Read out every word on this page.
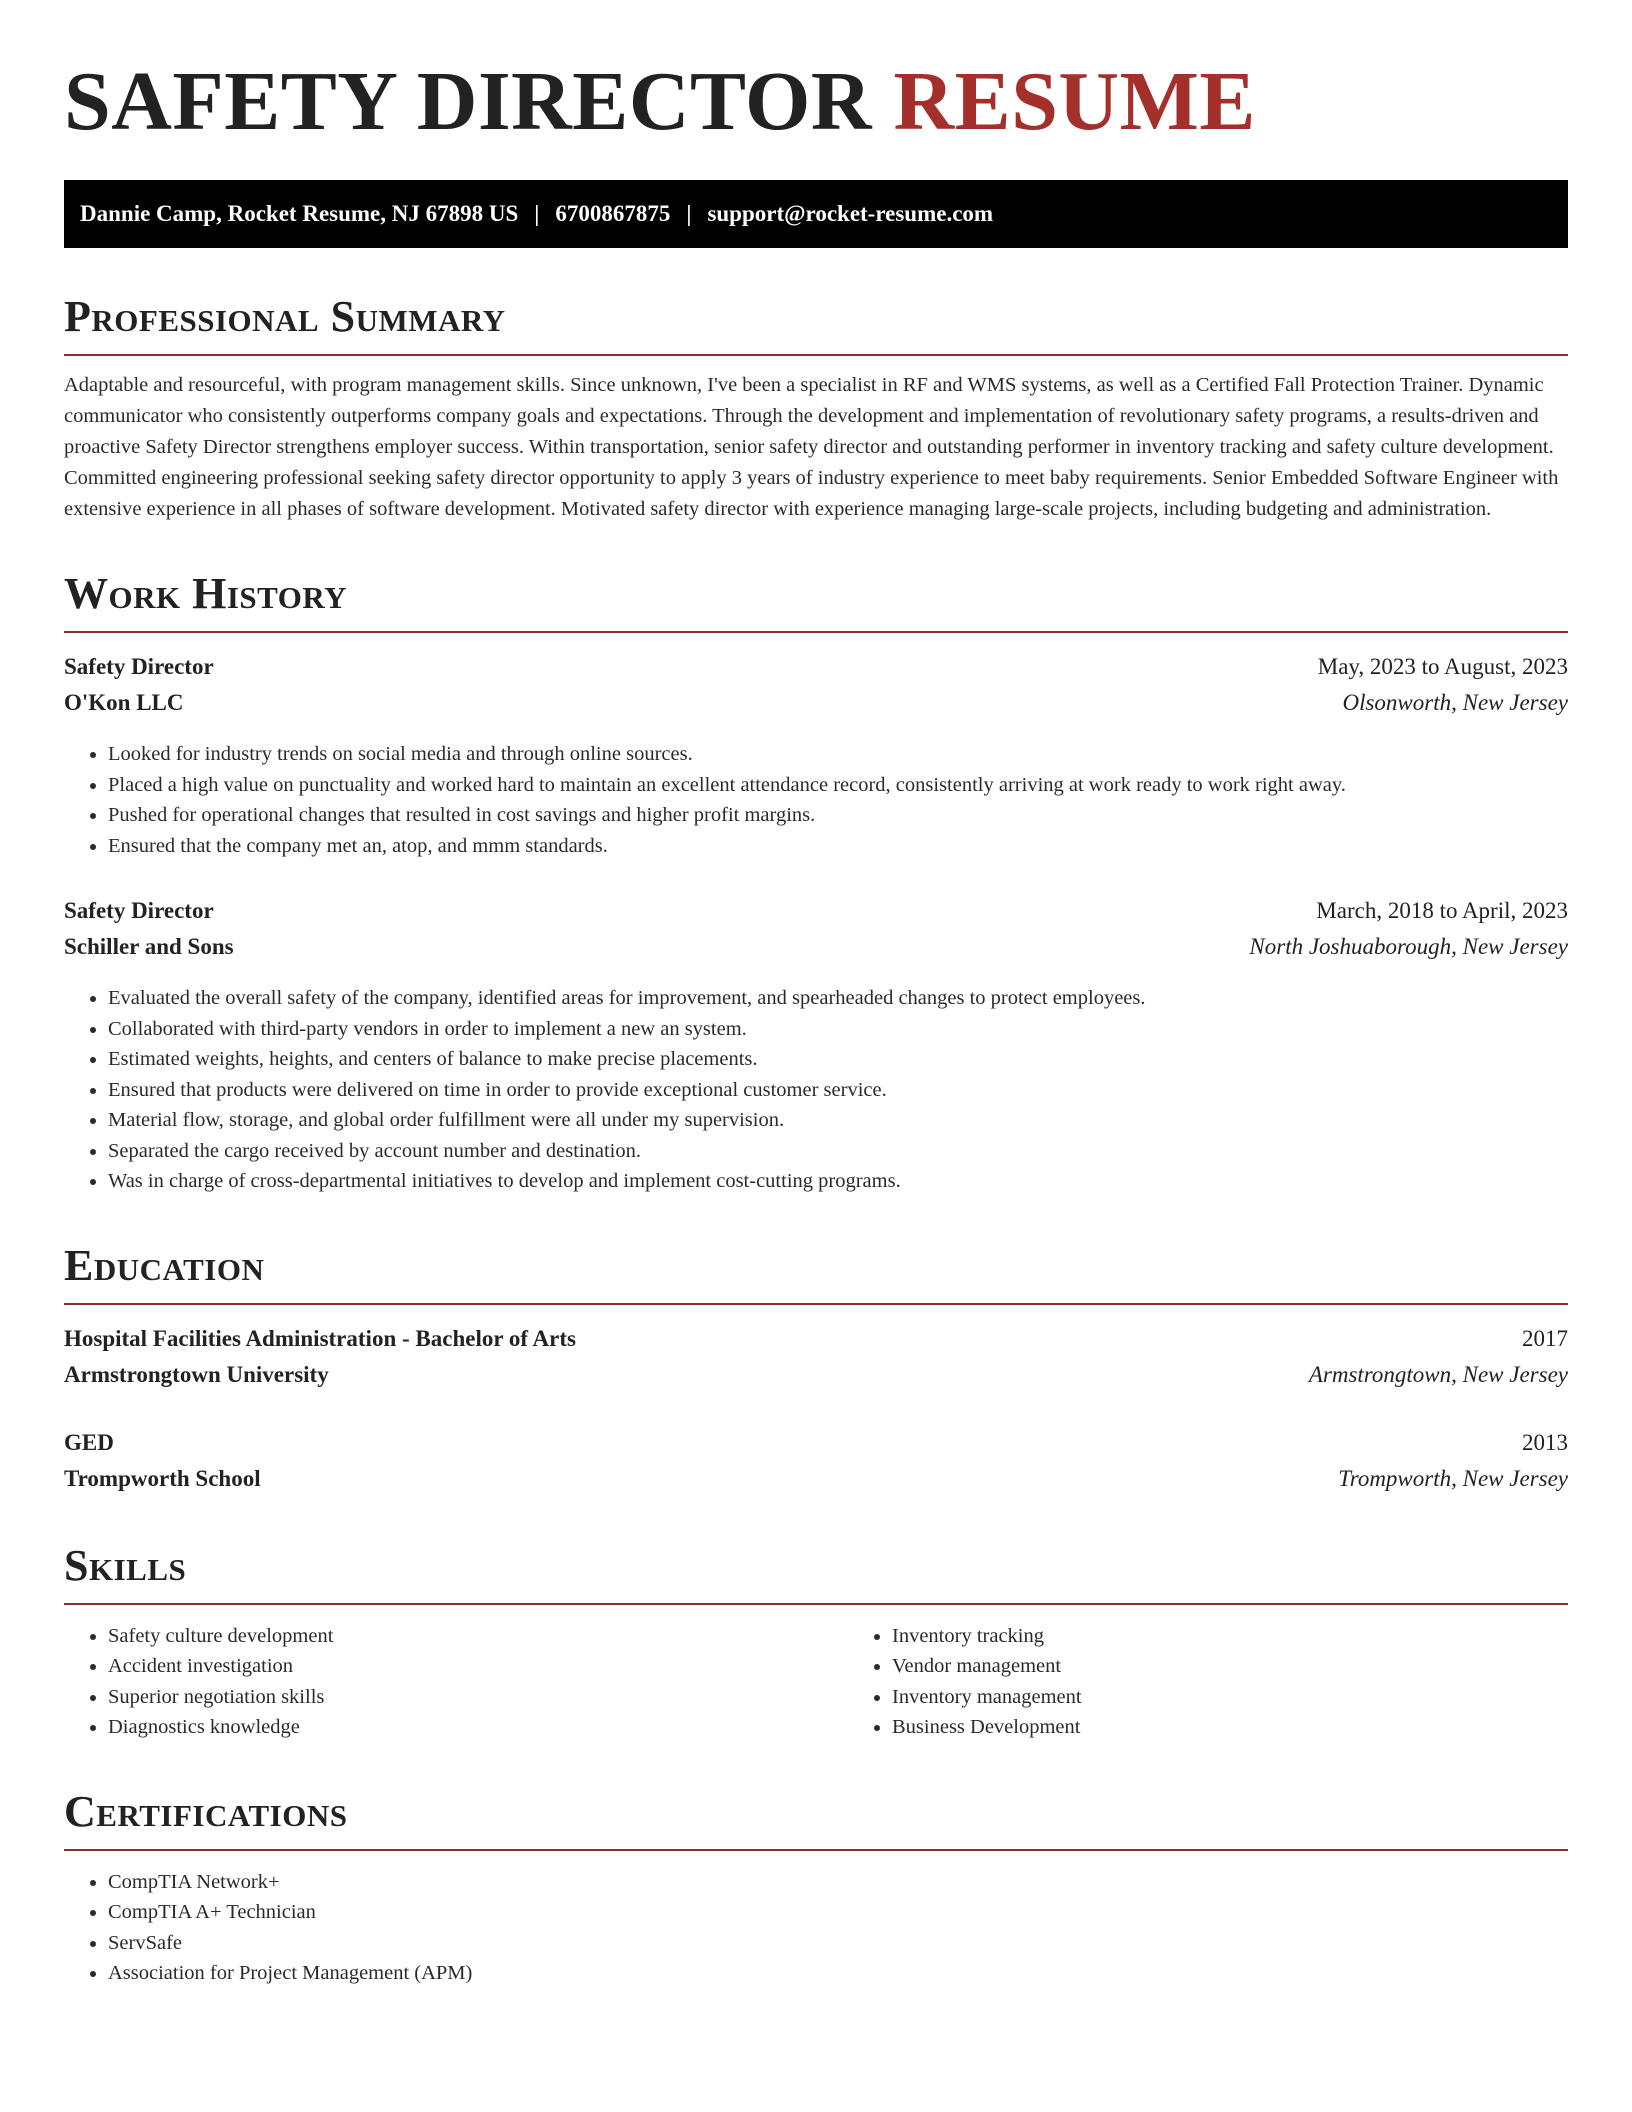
SAFETY DIRECTOR RESUME
Dannie Camp, Rocket Resume, NJ 67898 US | 6700867875 | support@rocket-resume.com
Professional Summary

Adaptable and resourceful, with program management skills. Since unknown, I've been a specialist in RF and WMS systems, as well as a Certified Fall Protection Trainer. Dynamic communicator who consistently outperforms company goals and expectations. Through the development and implementation of revolutionary safety programs, a results-driven and proactive Safety Director strengthens employer success. Within transportation, senior safety director and outstanding performer in inventory tracking and safety culture development. Committed engineering professional seeking safety director opportunity to apply 3 years of industry experience to meet baby requirements. Senior Embedded Software Engineer with extensive experience in all phases of software development. Motivated safety director with experience managing large-scale projects, including budgeting and administration.

Work History
Safety Director	May, 2023 to August, 2023
O'Kon LLC	Olsonworth, New Jersey
• Looked for industry trends on social media and through online sources.
• Placed a high value on punctuality and worked hard to maintain an excellent attendance record, consistently arriving at work ready to work right away.
• Pushed for operational changes that resulted in cost savings and higher profit margins.
• Ensured that the company met an, atop, and mmm standards.
Safety Director	March, 2018 to April, 2023
Schiller and Sons	North Joshuaborough, New Jersey
• Evaluated the overall safety of the company, identified areas for improvement, and spearheaded changes to protect employees.
• Collaborated with third-party vendors in order to implement a new an system.
• Estimated weights, heights, and centers of balance to make precise placements.
• Ensured that products were delivered on time in order to provide exceptional customer service.
• Material flow, storage, and global order fulfillment were all under my supervision.
• Separated the cargo received by account number and destination.
• Was in charge of cross-departmental initiatives to develop and implement cost-cutting programs.
Education
Hospital Facilities Administration - Bachelor of Arts	2017
Armstrongtown University	Armstrongtown, New Jersey
GED	2013
Trompworth School	Trompworth, New Jersey
Skills
• Safety culture development
• Accident investigation
• Superior negotiation skills
• Diagnostics knowledge
• Inventory tracking
• Vendor management
• Inventory management
• Business Development
Certifications
• CompTIA Network+
• CompTIA A+ Technician
• ServSafe
• Association for Project Management (APM)
